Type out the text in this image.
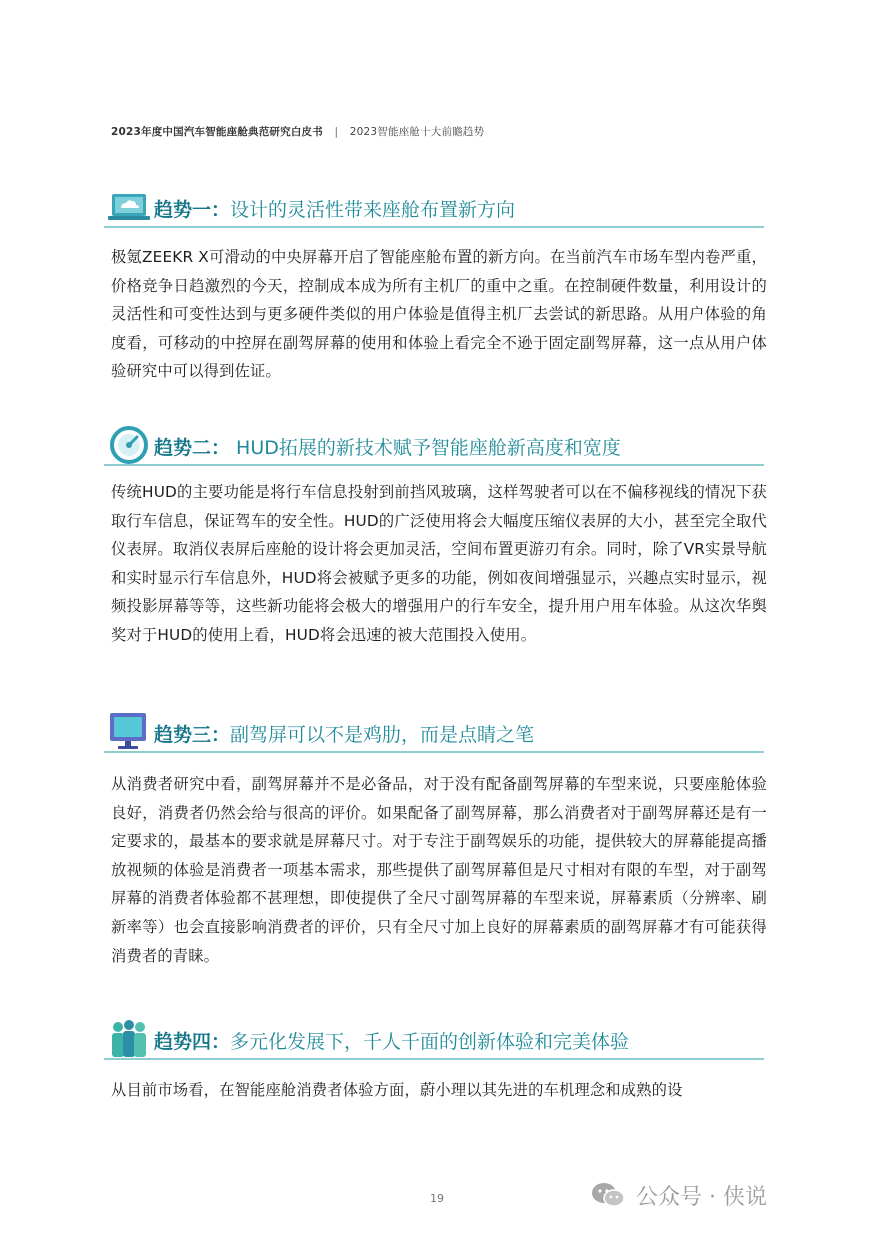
2023年度中国汽车智能座舱典范研究白皮书 | 2023智能座舱十大前瞻趋势
趋势一：设计的灵活性带来座舱布置新方向
极氪ZEEKR X可滑动的中央屏幕开启了智能座舱布置的新方向。在当前汽车市场车型内卷严重，价格竞争日趋激烈的今天，控制成本成为所有主机厂的重中之重。在控制硬件数量，利用设计的灵活性和可变性达到与更多硬件类似的用户体验是值得主机厂去尝试的新思路。从用户体验的角度看，可移动的中控屏在副驾屏幕的使用和体验上看完全不逊于固定副驾屏幕，这一点从用户体验研究中可以得到佐证。
趋势二： HUD拓展的新技术赋予智能座舱新高度和宽度
传统HUD的主要功能是将行车信息投射到前挡风玻璃，这样驾驶者可以在不偏移视线的情况下获取行车信息，保证驾车的安全性。HUD的广泛使用将会大幅度压缩仪表屏的大小，甚至完全取代仪表屏。取消仪表屏后座舱的设计将会更加灵活，空间布置更游刃有余。同时，除了VR实景导航和实时显示行车信息外，HUD将会被赋予更多的功能，例如夜间增强显示，兴趣点实时显示，视频投影屏幕等等，这些新功能将会极大的增强用户的行车安全，提升用户用车体验。从这次华舆奖对于HUD的使用上看，HUD将会迅速的被大范围投入使用。
趋势三：副驾屏可以不是鸡肋，而是点睛之笔
从消费者研究中看，副驾屏幕并不是必备品，对于没有配备副驾屏幕的车型来说，只要座舱体验良好，消费者仍然会给与很高的评价。如果配备了副驾屏幕，那么消费者对于副驾屏幕还是有一定要求的，最基本的要求就是屏幕尺寸。对于专注于副驾娱乐的功能，提供较大的屏幕能提高播放视频的体验是消费者一项基本需求，那些提供了副驾屏幕但是尺寸相对有限的车型，对于副驾屏幕的消费者体验都不甚理想，即使提供了全尺寸副驾屏幕的车型来说，屏幕素质（分辨率、刷新率等）也会直接影响消费者的评价，只有全尺寸加上良好的屏幕素质的副驾屏幕才有可能获得消费者的青睐。
趋势四：多元化发展下，千人千面的创新体验和完美体验
从目前市场看，在智能座舱消费者体验方面，蔚小理以其先进的车机理念和成熟的设
19	公众号 · 侠说
